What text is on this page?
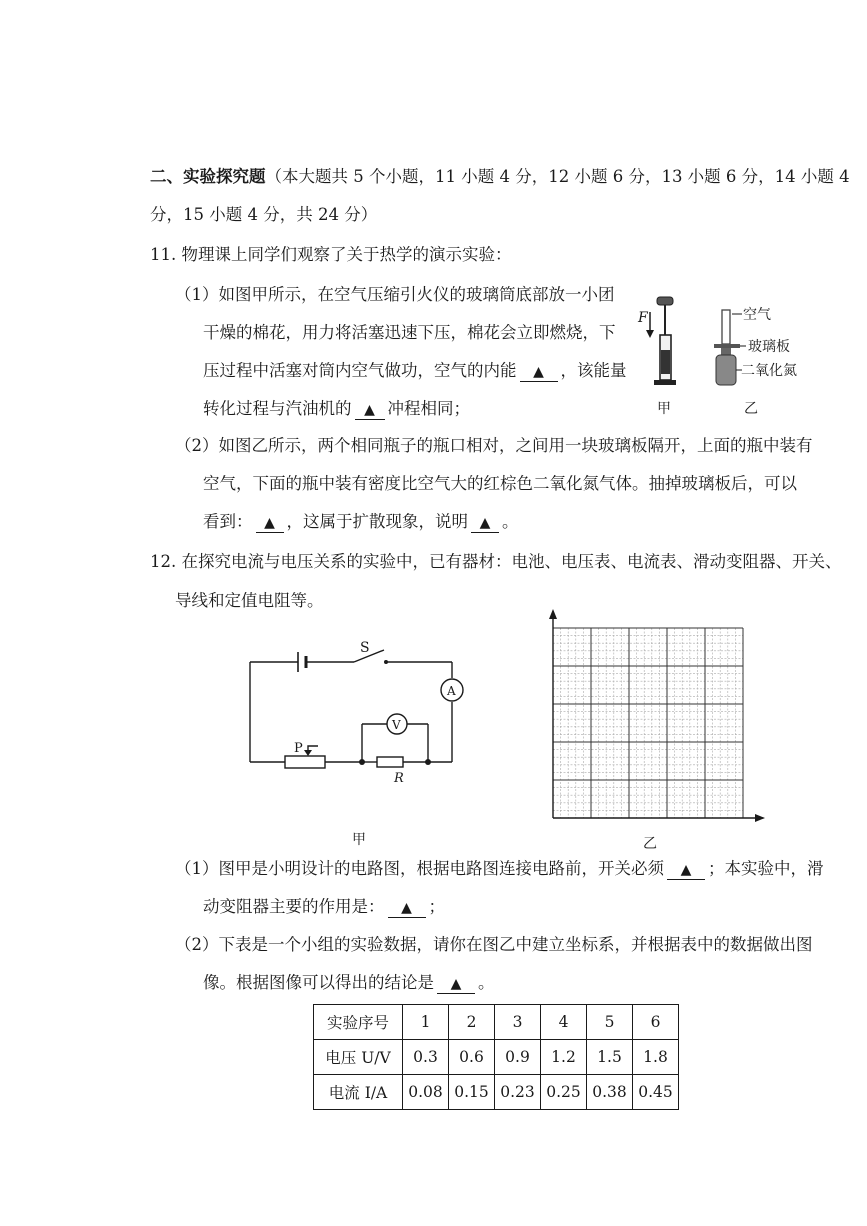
二、实验探究题（本大题共 5 个小题，11 小题 4 分，12 小题 6 分，13 小题 6 分，14 小题 4
分，15 小题 4 分，共 24 分）
11. 物理课上同学们观察了关于热学的演示实验：
（1）如图甲所示，在空气压缩引火仪的玻璃筒底部放一小团
干燥的棉花，用力将活塞迅速下压，棉花会立即燃烧，下
压过程中活塞对筒内空气做功，空气的内能 ▲ ，该能量
转化过程与汽油机的 ▲ 冲程相同；
F
甲
空气
玻璃板
二氧化氮
乙
（2）如图乙所示，两个相同瓶子的瓶口相对，之间用一块玻璃板隔开，上面的瓶中装有
空气，下面的瓶中装有密度比空气大的红棕色二氧化氮气体。抽掉玻璃板后，可以
看到： ▲ ，这属于扩散现象，说明 ▲ 。
12. 在探究电流与电压关系的实验中，已有器材：电池、电压表、电流表、滑动变阻器、开关、
导线和定值电阻等。
S
A
V
P
R
甲	乙
（1）图甲是小明设计的电路图，根据电路图连接电路前，开关必须 ▲ ；本实验中，滑
动变阻器主要的作用是： ▲ ；
（2）下表是一个小组的实验数据，请你在图乙中建立坐标系，并根据表中的数据做出图
像。根据图像可以得出的结论是 ▲ 。
实验序号	1	2	3	4	5	6
电压 U/V	0.3	0.6	0.9	1.2	1.5	1.8
电流 I/A	0.08	0.15	0.23	0.25	0.38	0.45
